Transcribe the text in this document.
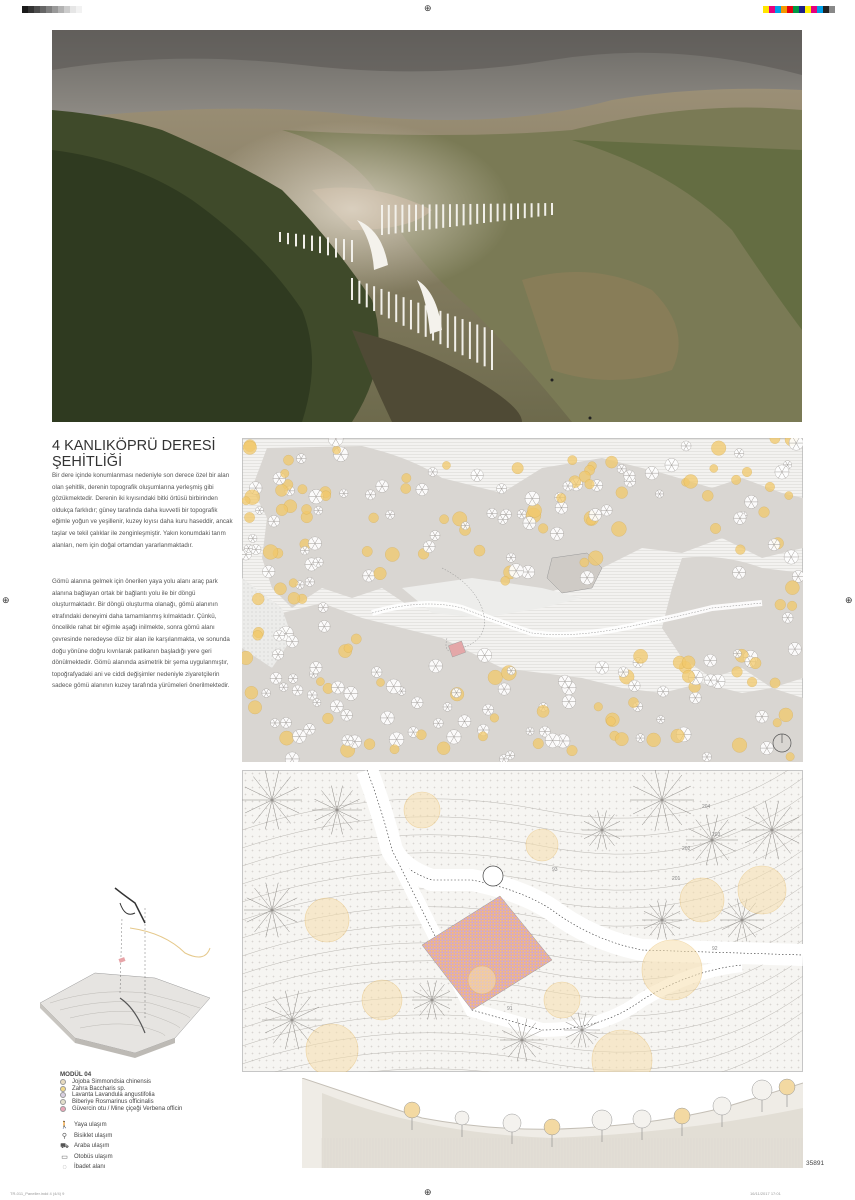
⊕
⊕	⊕
⊕
4 KANLIKÖPRÜ DERESİ
ŞEHİTLİĞİ
Bir dere içinde konumlanması nedeniyle son derece özel bir alan olan şehitlik, derenin topografik oluşumlarına yerleşmiş gibi gözükmektedir. Derenin iki kıyısındaki bitki örtüsü birbirinden oldukça farklıdır; güney tarafında daha kuvvetli bir topografik eğimle yoğun ve yeşillenir, kuzey kıyısı daha kuru haseddir, ancak taşlar ve tekil çalıklar ile zenginleşmiştir. Yakın konumdaki tarım alanları, nem için doğal ortamdan yararlanmaktadır.
Gömü alanına gelmek için önerilen yaya yolu alanı araç park alanına bağlayan ortak bir bağlantı yolu ile bir döngü oluşturmaktadır. Bir döngü oluşturma olanağı, gömü alanının etrafındaki deneyimi daha tamamlanmış kılmaktadır. Çünkü, öncelikle rahat bir eğimle aşağı inilmekte, sonra gömü alanı çevresinde neredeyse düz bir alan ile karşılanmakta, ve sonunda doğu yönüne doğru kıvrılarak patikanın başladığı yere geri dönülmektedir. Gömü alanında asimetrik bir şema uygulanmıştır, topoğrafyadaki ani ve ciddi değişimler nedeniyle ziyaretçilerin sadece gömü alanının kuzey tarafında yürümeleri önerilmektedir.
204
203
202
201
93
92
91
MODÜL 04
Jojoba Simmondsia chinensis
Zahra Baccharis sp.
Lavanta Lavandula angustifolia
Biberiye Rosmarinus officinalis
Güvercin otu / Mine çiçeği Verbena officin
🚶 Yaya ulaşım
⚲	Bisiklet ulaşım
⛟ Araba ulaşım
▭ Otobüs ulaşım
◌	İbadet alanı
35891
TR-011_Paneller.indd 4 (4/4) 9	16/11/2017 17:01
